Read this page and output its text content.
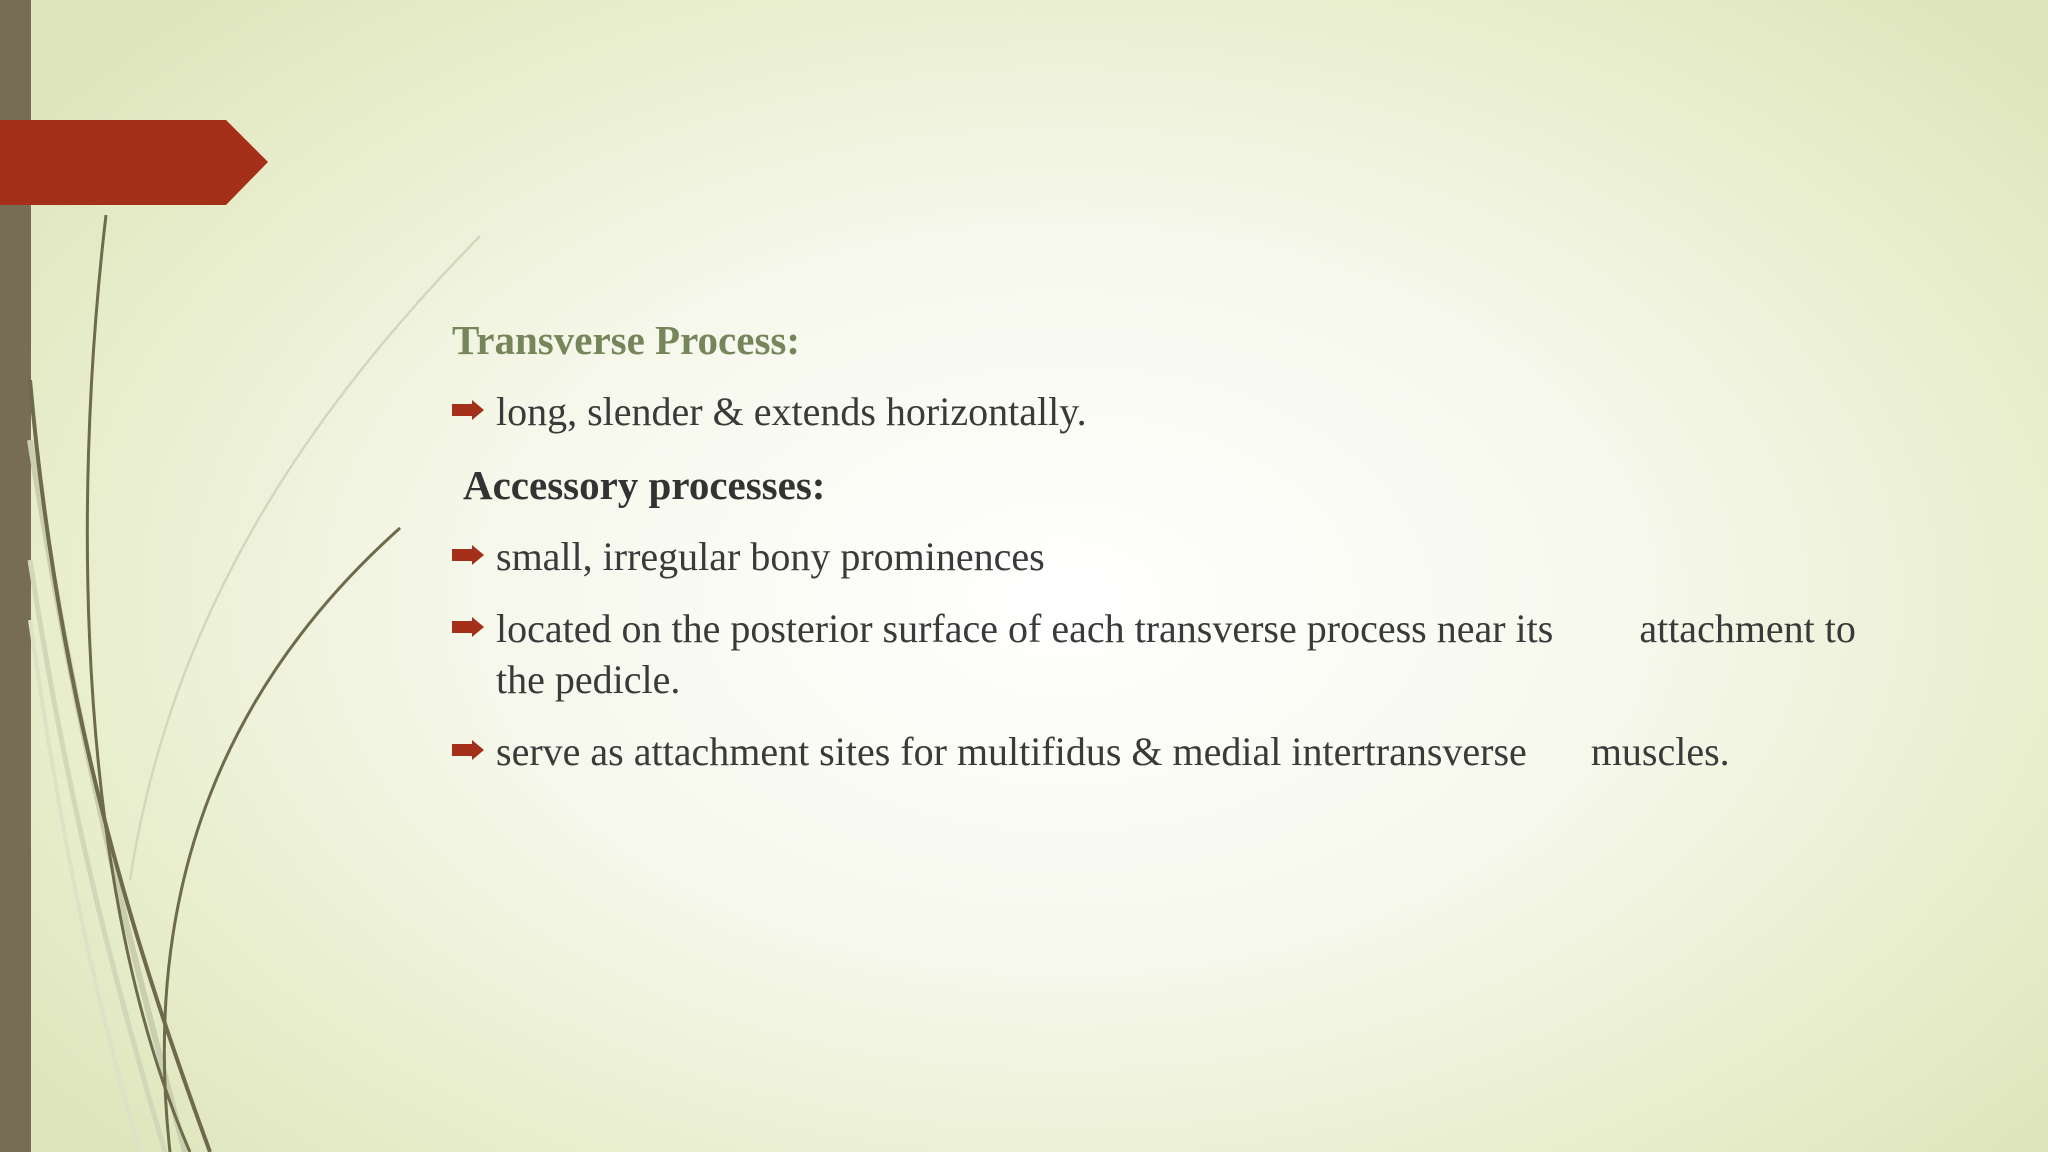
Transverse Process:
long, slender & extends horizontally.
Accessory processes:
small, irregular bony prominences
located on the posterior surface of each transverse process near its attachment to the pedicle.
serve as attachment sites for multifidus & medial intertransverse muscles.
